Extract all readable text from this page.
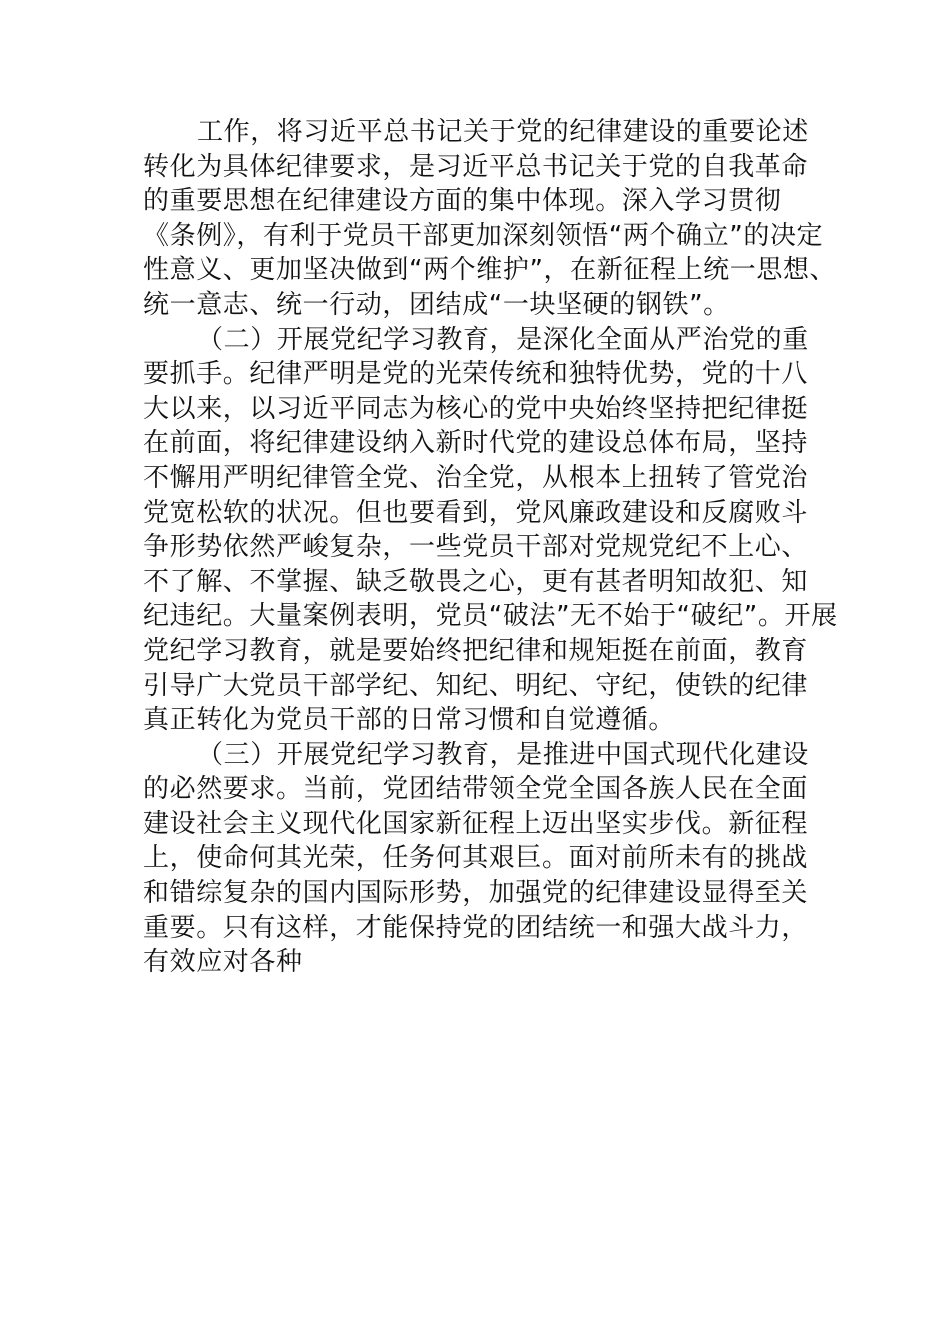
工作，将习近平总书记关于党的纪律建设的重要论述
转化为具体纪律要求，是习近平总书记关于党的自我革命
的重要思想在纪律建设方面的集中体现。深入学习贯彻
《条例》，有利于党员干部更加深刻领悟“两个确立”的决定
性意义、更加坚决做到“两个维护”，在新征程上统一思想、
统一意志、统一行动，团结成“一块坚硬的钢铁”。
（二）开展党纪学习教育，是深化全面从严治党的重
要抓手。纪律严明是党的光荣传统和独特优势，党的十八
大以来，以习近平同志为核心的党中央始终坚持把纪律挺
在前面，将纪律建设纳入新时代党的建设总体布局，坚持
不懈用严明纪律管全党、治全党，从根本上扭转了管党治
党宽松软的状况。但也要看到，党风廉政建设和反腐败斗
争形势依然严峻复杂，一些党员干部对党规党纪不上心、
不了解、不掌握、缺乏敬畏之心，更有甚者明知故犯、知
纪违纪。大量案例表明，党员“破法”无不始于“破纪”。开展
党纪学习教育，就是要始终把纪律和规矩挺在前面，教育
引导广大党员干部学纪、知纪、明纪、守纪，使铁的纪律
真正转化为党员干部的日常习惯和自觉遵循。
（三）开展党纪学习教育，是推进中国式现代化建设
的必然要求。当前，党团结带领全党全国各族人民在全面
建设社会主义现代化国家新征程上迈出坚实步伐。新征程
上，使命何其光荣，任务何其艰巨。面对前所未有的挑战
和错综复杂的国内国际形势，加强党的纪律建设显得至关
重要。只有这样，才能保持党的团结统一和强大战斗力，
有效应对各种
